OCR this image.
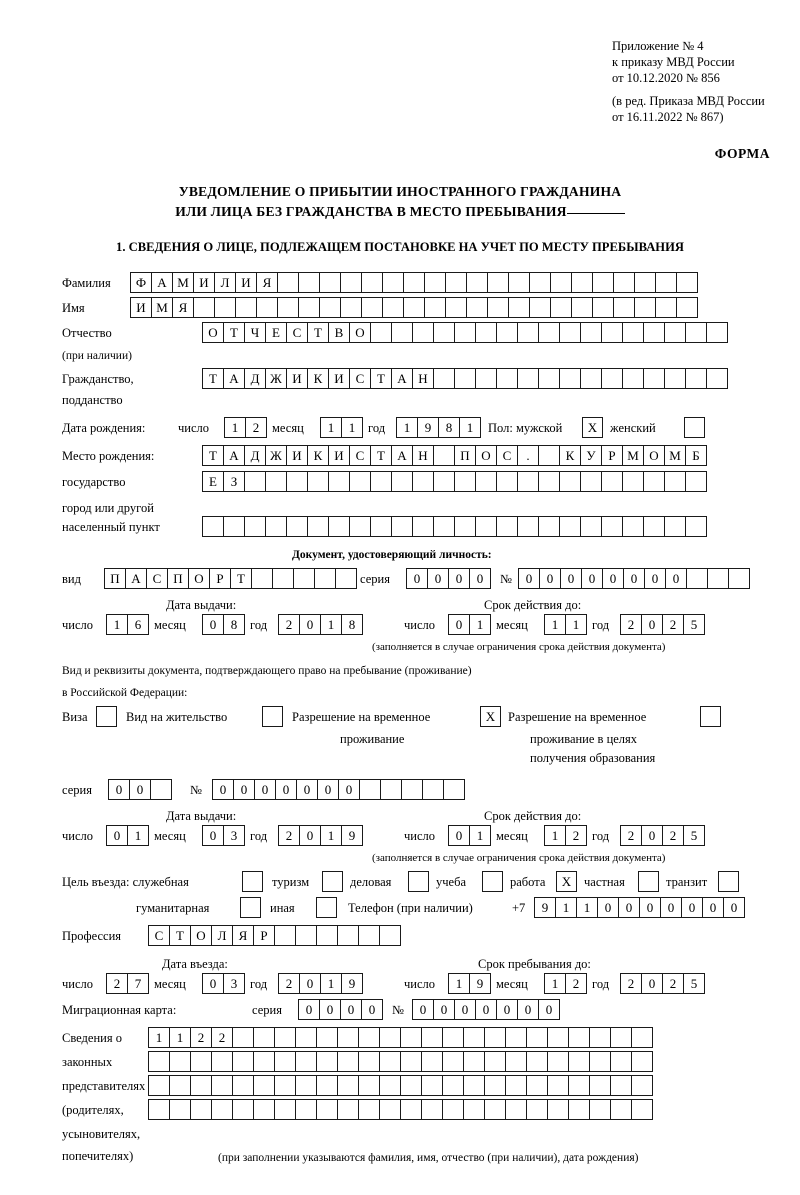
Приложение № 4
к приказу МВД России
от 10.12.2020 № 856
(в ред. Приказа МВД России
от 16.11.2022 № 867)
ФОРМА
УВЕДОМЛЕНИЕ О ПРИБЫТИИ ИНОСТРАННОГО ГРАЖДАНИНА
ИЛИ ЛИЦА БЕЗ ГРАЖДАНСТВА В МЕСТО ПРЕБЫВАНИЯ
1. СВЕДЕНИЯ О ЛИЦЕ, ПОДЛЕЖАЩЕМ ПОСТАНОВКЕ НА УЧЕТ ПО МЕСТУ ПРЕБЫВАНИЯ
Фамилия	Ф А М И Л И Я
Имя	И М Я
Отчество	О Т Ч Е С Т В О
(при наличии)
Гражданство,	Т А Д Ж И К И С Т А Н
подданство
Дата рождения:	число	1	2	месяц	1	1	год	1	9	8	1	Пол: мужской	X	женский
Место рождения:	Т А Д Ж И К И С Т А Н	П О С	.	К У Р М О М Б
государство	Е	З
город или другой
населенный пункт
Документ, удостоверяющий личность:
вид	П А С П О Р	Т	серия	0	0	0	0	№	0	0	0	0	0	0	0	0
Дата выдачи:	Срок действия до:
число	1	6	месяц	0	8	год	2	0	1	8	число	0	1	месяц	1	1	год	2	0	2	5
(заполняется в случае ограничения срока действия документа)
Вид и реквизиты документа, подтверждающего право на пребывание (проживание)
в Российской Федерации:
Виза	Вид на жительство	Разрешение на временное	X	Разрешение на временное
проживание	проживание в целях
получения образования
серия	0	0	№	0	0	0	0	0	0	0
Дата выдачи:	Срок действия до:
число	0	1	месяц	0	3	год	2	0	1	9	число	0	1	месяц	1	2	год	2	0	2	5
(заполняется в случае ограничения срока действия документа)
Цель въезда: служебная	туризм	деловая	учеба	работа	X	частная	транзит
гуманитарная	иная	Телефон (при наличии)	+7	9	1	1	0	0	0	0	0	0	0
Профессия	С Т О Л Я	Р
Дата въезда:	Срок пребывания до:
число	2	7	месяц	0	3	год	2	0	1	9	число	1	9	месяц	1	2	год	2	0	2	5
Миграционная карта:	серия	0	0	0	0	№	0	0	0	0	0	0	0
Сведения о	1	1	2	2
законных
представителях
(родителях,
усыновителях,
попечителях)	(при заполнении указываются фамилия, имя, отчество (при наличии), дата рождения)
